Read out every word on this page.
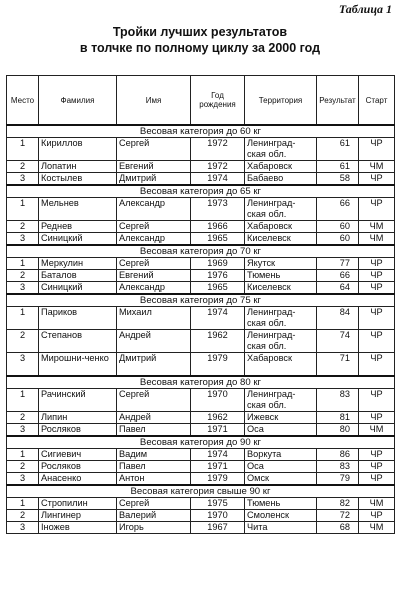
Таблица 1
Тройки лучших результатов
в толчке по полному циклу за 2000 год
Место	Фамилия	Имя	Год рождения	Территория	Результат	Старт
Весовая категория до 60 кг						
1	Кириллов	Сергей	1972	Ленинград-ская обл.	61	ЧР
2	Лопатин	Евгений	1972	Хабаровск	61	ЧМ
3	Костылев	Дмитрий	1974	Бабаево	58	ЧР
Весовая категория до 65 кг						
1	Мельнев	Александр	1973	Ленинград-ская обл.	66	ЧР
2	Реднев	Сергей	1966	Хабаровск	60	ЧМ
3	Синицкий	Александр	1965	Киселевск	60	ЧМ
Весовая категория до 70 кг						
1	Меркулин	Сергей	1969	Якутск	77	ЧР
2	Баталов	Евгений	1976	Тюмень	66	ЧР
3	Синицкий	Александр	1965	Киселевск	64	ЧР
Весовая категория до 75 кг						
1	Париков	Михаил	1974	Ленинград-ская обл.	84	ЧР
2	Степанов	Андрей	1962	Ленинград-ская обл.	74	ЧР
3	Мирошни-ченко	Дмитрий	1979	Хабаровск	71	ЧР
Весовая категория до 80 кг						
1	Рачинский	Сергей	1970	Ленинград-ская обл.	83	ЧР
2	Липин	Андрей	1962	Ижевск	81	ЧР
3	Росляков	Павел	1971	Оса	80	ЧМ
Весовая категория до 90 кг						
1	Сигиевич	Вадим	1974	Воркута	86	ЧР
2	Росляков	Павел	1971	Оса	83	ЧР
3	Анасенко	Антон	1979	Омск	79	ЧР
Весовая категория свыше 90 кг						
1	Стропилин	Сергей	1975	Тюмень	82	ЧМ
2	Лингинер	Валерий	1970	Смоленск	72	ЧР
3	Іножев	Игорь	1967	Чита	68	ЧМ
